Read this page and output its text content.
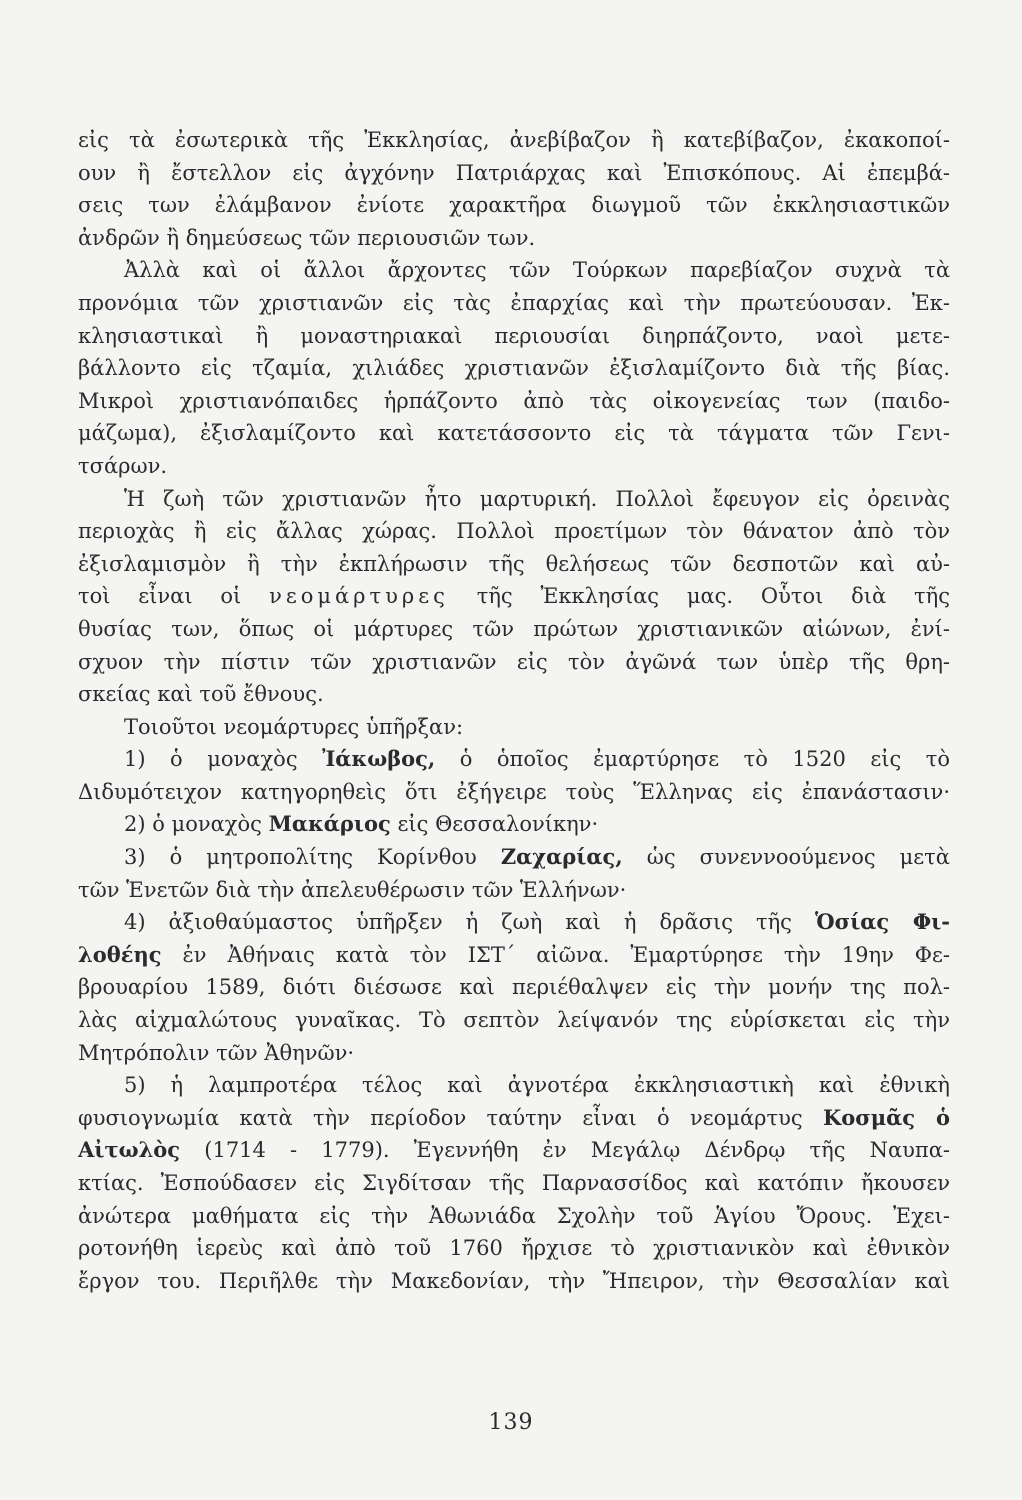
εἰς τὰ ἐσωτερικὰ τῆς Ἐκκλησίας, ἀνεβίβαζον ἢ κατεβίβαζον, ἐκακοποί-
ουν ἢ ἔστελλον εἰς ἀγχόνην Πατριάρχας καὶ Ἐπισκόπους. Αἱ ἐπεμβά-
σεις των ἐλάμβανον ἐνίοτε χαρακτῆρα διωγμοῦ τῶν ἐκκλησιαστικῶν
ἀνδρῶν ἢ δημεύσεως τῶν περιουσιῶν των.
Ἀλλὰ καὶ οἱ ἄλλοι ἄρχοντες τῶν Τούρκων παρεβίαζον συχνὰ τὰ
προνόμια τῶν χριστιανῶν εἰς τὰς ἐπαρχίας καὶ τὴν πρωτεύουσαν. Ἐκ-
κλησιαστικαὶ ἢ μοναστηριακαὶ περιουσίαι διηρπάζοντο, ναοὶ μετε-
βάλλοντο εἰς τζαμία, χιλιάδες χριστιανῶν ἐξισλαμίζοντο διὰ τῆς βίας.
Μικροὶ χριστιανόπαιδες ἡρπάζοντο ἀπὸ τὰς οἰκογενείας των (παιδο-
μάζωμα), ἐξισλαμίζοντο καὶ κατετάσσοντο εἰς τὰ τάγματα τῶν Γενι-
τσάρων.
Ἡ ζωὴ τῶν χριστιανῶν ἦτο μαρτυρική. Πολλοὶ ἔφευγον εἰς ὀρεινὰς
περιοχὰς ἢ εἰς ἄλλας χώρας. Πολλοὶ προετίμων τὸν θάνατον ἀπὸ τὸν
ἐξισλαμισμὸν ἢ τὴν ἐκπλήρωσιν τῆς θελήσεως τῶν δεσποτῶν καὶ αὐ-
τοὶ εἶναι οἱ νεομάρτυρες τῆς Ἐκκλησίας μας. Οὗτοι διὰ τῆς
θυσίας των, ὅπως οἱ μάρτυρες τῶν πρώτων χριστιανικῶν αἰώνων, ἐνί-
σχυον τὴν πίστιν τῶν χριστιανῶν εἰς τὸν ἀγῶνά των ὑπὲρ τῆς θρη-
σκείας καὶ τοῦ ἔθνους.
Τοιοῦτοι νεομάρτυρες ὑπῆρξαν:
1) ὁ μοναχὸς Ἰάκωβος, ὁ ὁποῖος ἐμαρτύρησε τὸ 1520 εἰς τὸ
Διδυμότειχον κατηγορηθεὶς ὅτι ἐξήγειρε τοὺς Ἕλληνας εἰς ἐπανάστασιν·
2) ὁ μοναχὸς Μακάριος εἰς Θεσσαλονίκην·
3) ὁ μητροπολίτης Κορίνθου Ζαχαρίας, ὡς συνεννοούμενος μετὰ
τῶν Ἑνετῶν διὰ τὴν ἀπελευθέρωσιν τῶν Ἑλλήνων·
4) ἀξιοθαύμαστος ὑπῆρξεν ἡ ζωὴ καὶ ἡ δρᾶσις τῆς Ὁσίας Φι-
λοθέης ἐν Ἀθήναις κατὰ τὸν ΙΣΤ´ αἰῶνα. Ἐμαρτύρησε τὴν 19ην Φε-
βρουαρίου 1589, διότι διέσωσε καὶ περιέθαλψεν εἰς τὴν μονήν της πολ-
λὰς αἰχμαλώτους γυναῖκας. Τὸ σεπτὸν λείψανόν της εὑρίσκεται εἰς τὴν
Μητρόπολιν τῶν Ἀθηνῶν·
5) ἡ λαμπροτέρα τέλος καὶ ἀγνοτέρα ἐκκλησιαστικὴ καὶ ἐθνικὴ
φυσιογνωμία κατὰ τὴν περίοδον ταύτην εἶναι ὁ νεομάρτυς Κοσμᾶς ὁ
Αἰτωλὸς (1714 - 1779). Ἐγεννήθη ἐν Μεγάλῳ Δένδρῳ τῆς Ναυπα-
κτίας. Ἐσπούδασεν εἰς Σιγδίτσαν τῆς Παρνασσίδος καὶ κατόπιν ἤκουσεν
ἀνώτερα μαθήματα εἰς τὴν Ἀθωνιάδα Σχολὴν τοῦ Ἁγίου Ὄρους. Ἐχει-
ροτονήθη ἱερεὺς καὶ ἀπὸ τοῦ 1760 ἤρχισε τὸ χριστιανικὸν καὶ ἐθνικὸν
ἔργον του. Περιῆλθε τὴν Μακεδονίαν, τὴν Ἤπειρον, τὴν Θεσσαλίαν καὶ
139
